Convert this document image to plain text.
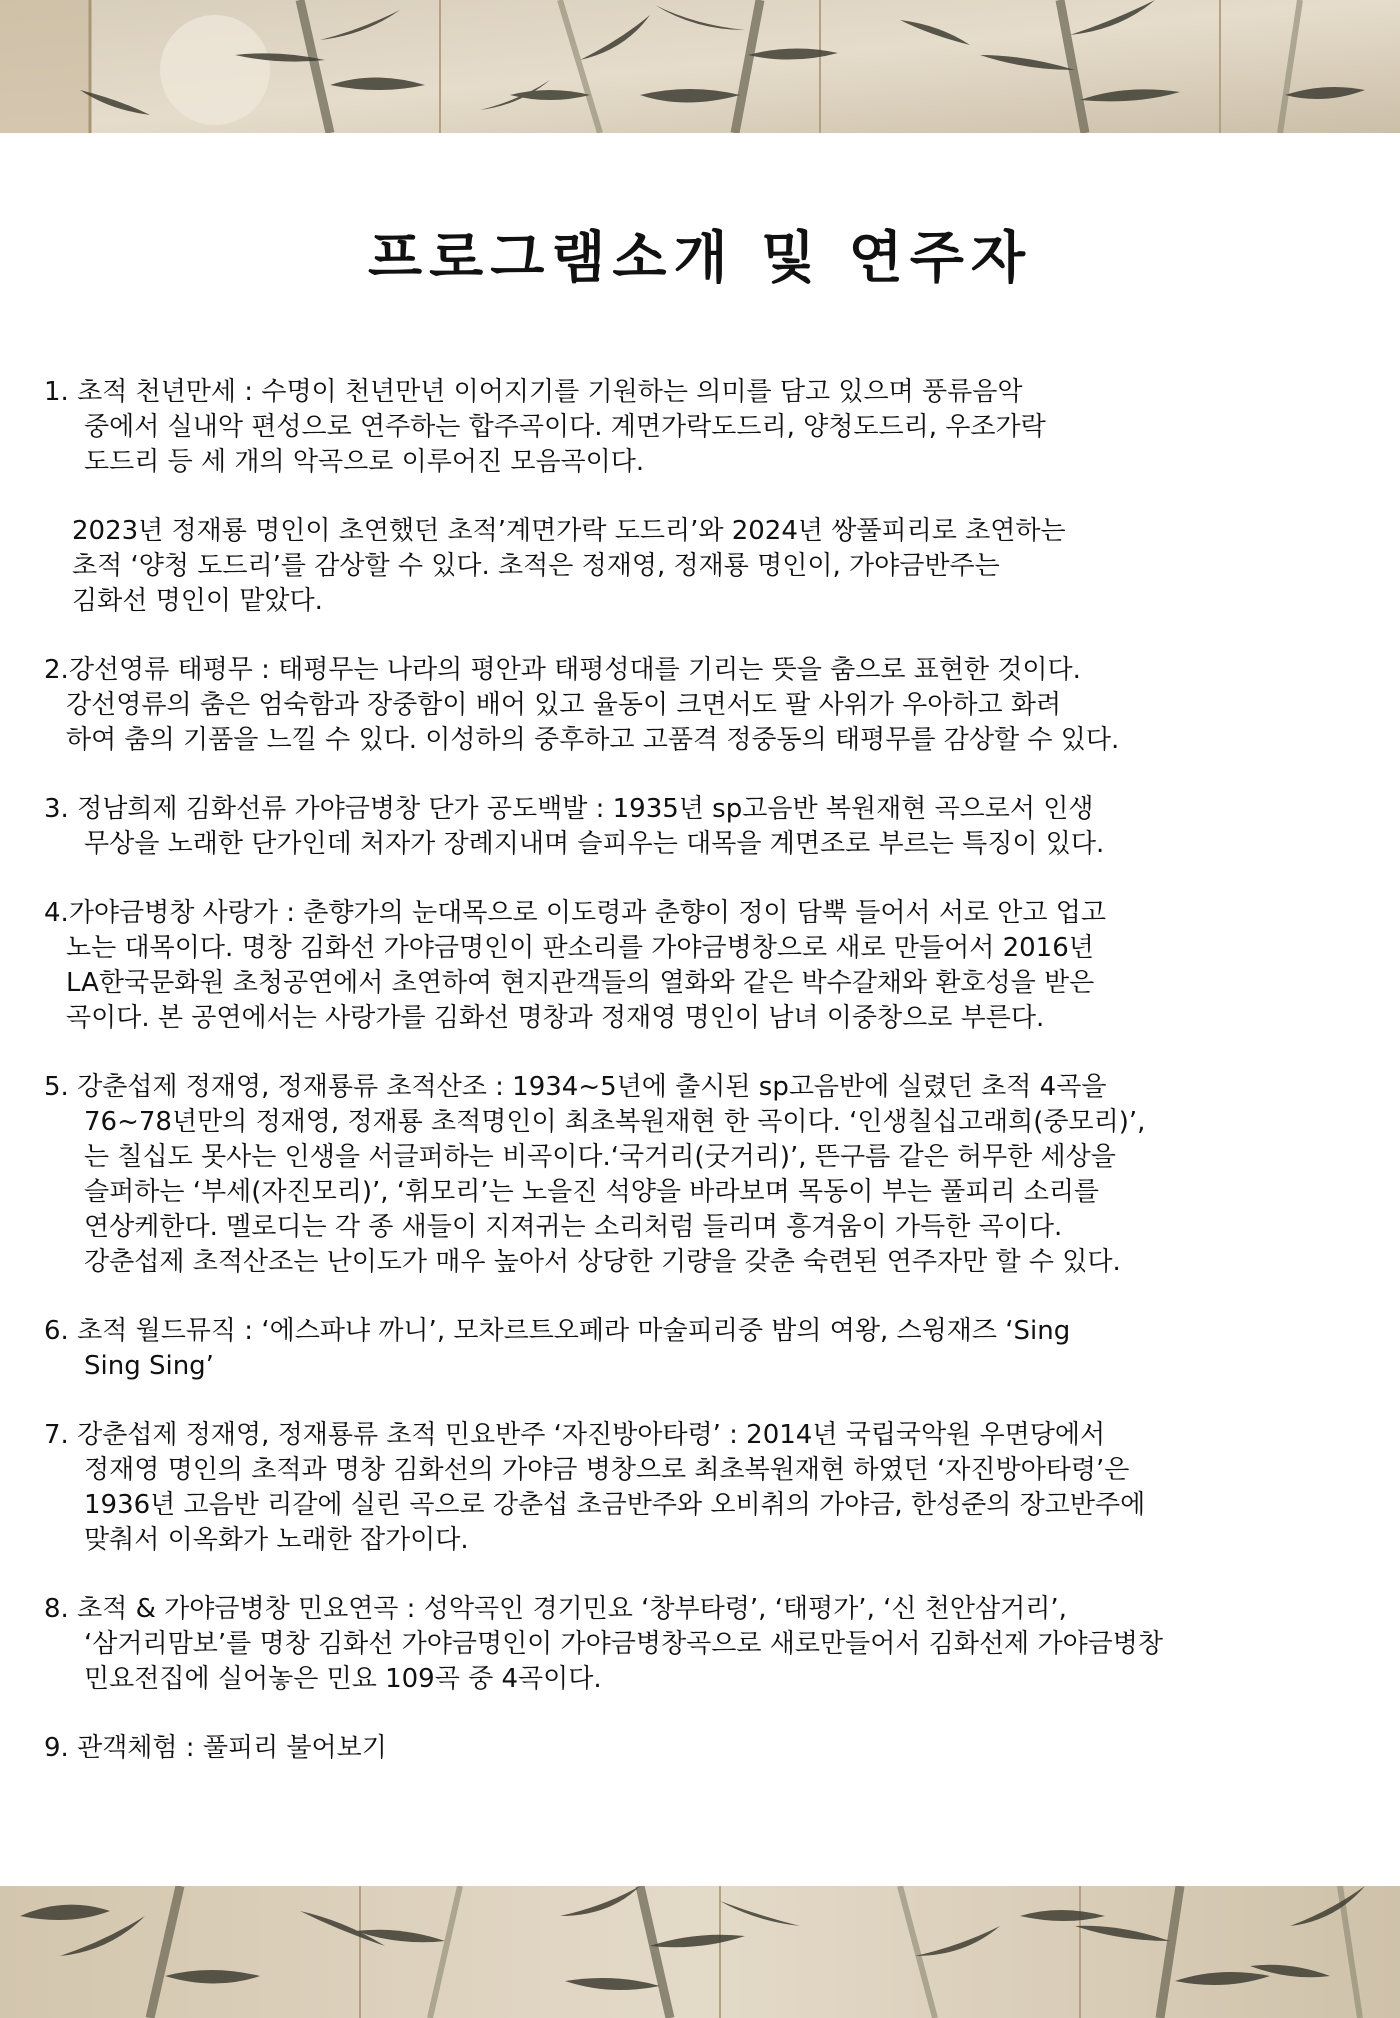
프로그램소개 및 연주자
1. 초적 천년만세 : 수명이 천년만년 이어지기를 기원하는 의미를 담고 있으며 풍류음악
중에서 실내악 편성으로 연주하는 합주곡이다. 계면가락도드리, 양청도드리, 우조가락
도드리 등 세 개의 악곡으로 이루어진 모음곡이다.
2023년 정재룡 명인이 초연했던 초적’계면가락 도드리’와 2024년 쌍풀피리로 초연하는
초적 ‘양청 도드리’를 감상할 수 있다. 초적은 정재영, 정재룡 명인이, 가야금반주는
김화선 명인이 맡았다.
2. 강선영류 태평무 : 태평무는 나라의 평안과 태평성대를 기리는 뜻을 춤으로 표현한 것이다.
강선영류의 춤은 엄숙함과 장중함이 배어 있고 율동이 크면서도 팔 사위가 우아하고 화려
하여 춤의 기품을 느낄 수 있다. 이성하의 중후하고 고품격 정중동의 태평무를 감상할 수 있다.
3. 정남희제 김화선류 가야금병창 단가 공도백발 : 1935년 sp고음반 복원재현 곡으로서 인생
무상을 노래한 단가인데 처자가 장례지내며 슬피우는 대목을 계면조로 부르는 특징이 있다.
4. 가야금병창 사랑가 : 춘향가의 눈대목으로 이도령과 춘향이 정이 담뿍 들어서 서로 안고 업고
노는 대목이다. 명창 김화선 가야금명인이 판소리를 가야금병창으로 새로 만들어서 2016년
LA한국문화원 초청공연에서 초연하여 현지관객들의 열화와 같은 박수갈채와 환호성을 받은
곡이다. 본 공연에서는 사랑가를 김화선 명창과 정재영 명인이 남녀 이중창으로 부른다.
5. 강춘섭제 정재영, 정재룡류 초적산조 : 1934~5년에 출시된 sp고음반에 실렸던 초적 4곡을
76~78년만의 정재영, 정재룡 초적명인이 최초복원재현 한 곡이다. ‘인생칠십고래희(중모리)’,
는 칠십도 못사는 인생을 서글퍼하는 비곡이다.‘국거리(굿거리)’, 뜬구름 같은 허무한 세상을
슬퍼하는 ‘부세(자진모리)’, ‘휘모리’는 노을진 석양을 바라보며 목동이 부는 풀피리 소리를
연상케한다. 멜로디는 각 종 새들이 지져귀는 소리처럼 들리며 흥겨움이 가득한 곡이다.
강춘섭제 초적산조는 난이도가 매우 높아서 상당한 기량을 갖춘 숙련된 연주자만 할 수 있다.
6. 초적 월드뮤직 : ‘에스파냐 까니’, 모차르트오페라 마술피리중 밤의 여왕, 스윙재즈 ‘Sing
Sing Sing’
7. 강춘섭제 정재영, 정재룡류 초적 민요반주 ‘자진방아타령’ : 2014년 국립국악원 우면당에서
정재영 명인의 초적과 명창 김화선의 가야금 병창으로 최초복원재현 하였던 ‘자진방아타령’은
1936년 고음반 리갈에 실린 곡으로 강춘섭 초금반주와 오비취의 가야금, 한성준의 장고반주에
맞춰서 이옥화가 노래한 잡가이다.
8. 초적 & 가야금병창 민요연곡 : 성악곡인 경기민요 ‘창부타령’, ‘태평가’, ‘신 천안삼거리’,
‘삼거리맘보’를 명창 김화선 가야금명인이 가야금병창곡으로 새로만들어서 김화선제 가야금병창
민요전집에 실어놓은 민요 109곡 중 4곡이다.
9. 관객체험 : 풀피리 불어보기
